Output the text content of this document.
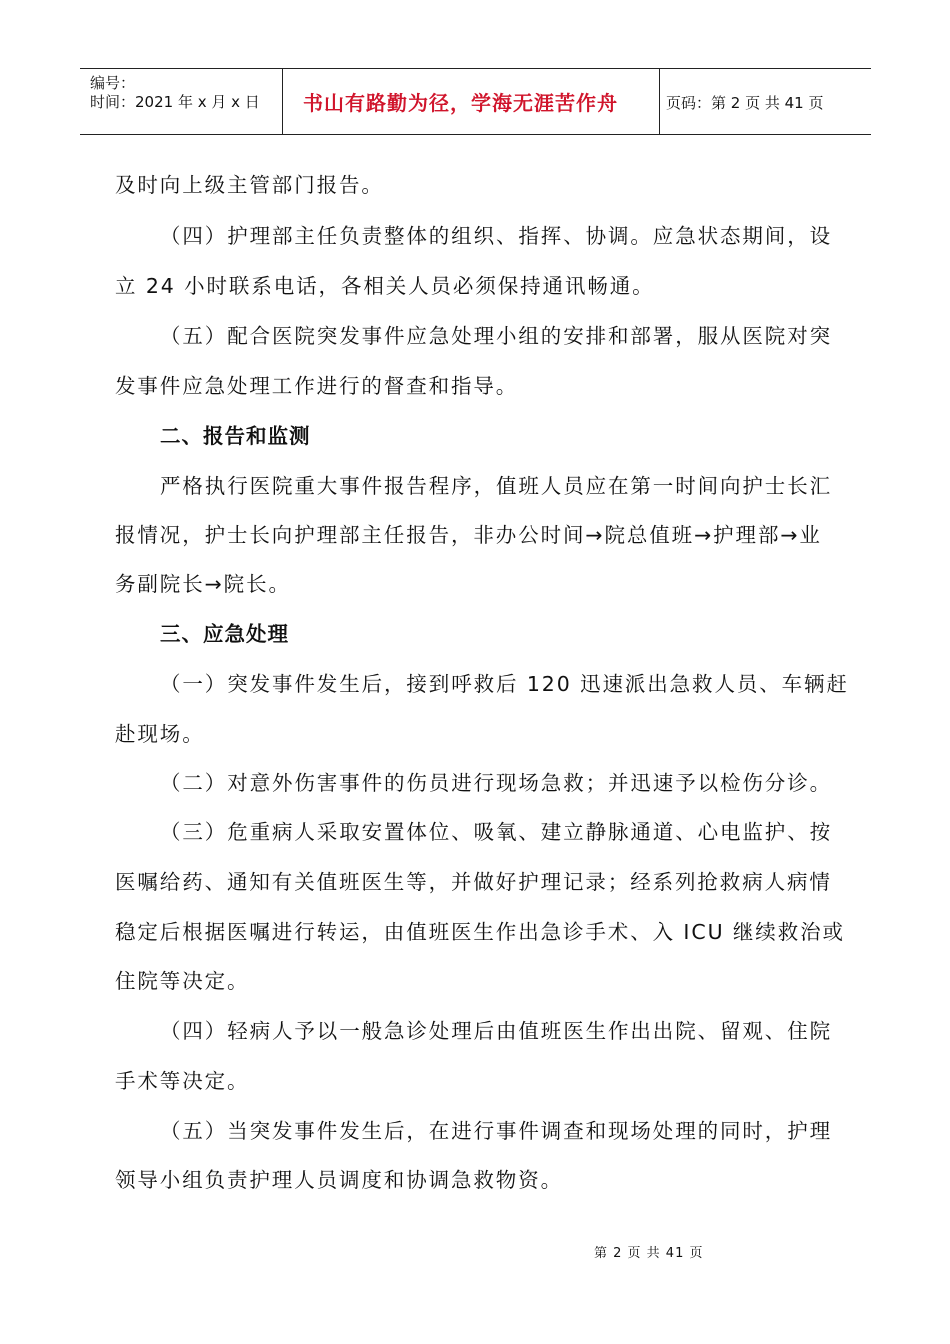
编号：
时间：2021 年 x 月 x 日 书山有路勤为径，学海无涯苦作舟	页码：第 2 页 共 41 页
及时向上级主管部门报告。
（四）护理部主任负责整体的组织、指挥、协调。应急状态期间，设
立 24 小时联系电话，各相关人员必须保持通讯畅通。
（五）配合医院突发事件应急处理小组的安排和部署，服从医院对突
发事件应急处理工作进行的督查和指导。
二、报告和监测
严格执行医院重大事件报告程序，值班人员应在第一时间向护士长汇
报情况，护士长向护理部主任报告，非办公时间→院总值班→护理部→业
务副院长→院长。
三、应急处理
（一）突发事件发生后，接到呼救后 120 迅速派出急救人员、车辆赶
赴现场。
（二）对意外伤害事件的伤员进行现场急救；并迅速予以检伤分诊。
（三）危重病人采取安置体位、吸氧、建立静脉通道、心电监护、按
医嘱给药、通知有关值班医生等，并做好护理记录；经系列抢救病人病情
稳定后根据医嘱进行转运，由值班医生作出急诊手术、入 ICU 继续救治或
住院等决定。
（四）轻病人予以一般急诊处理后由值班医生作出出院、留观、住院
手术等决定。
（五）当突发事件发生后，在进行事件调查和现场处理的同时，护理
领导小组负责护理人员调度和协调急救物资。
第 2 页 共 41 页
